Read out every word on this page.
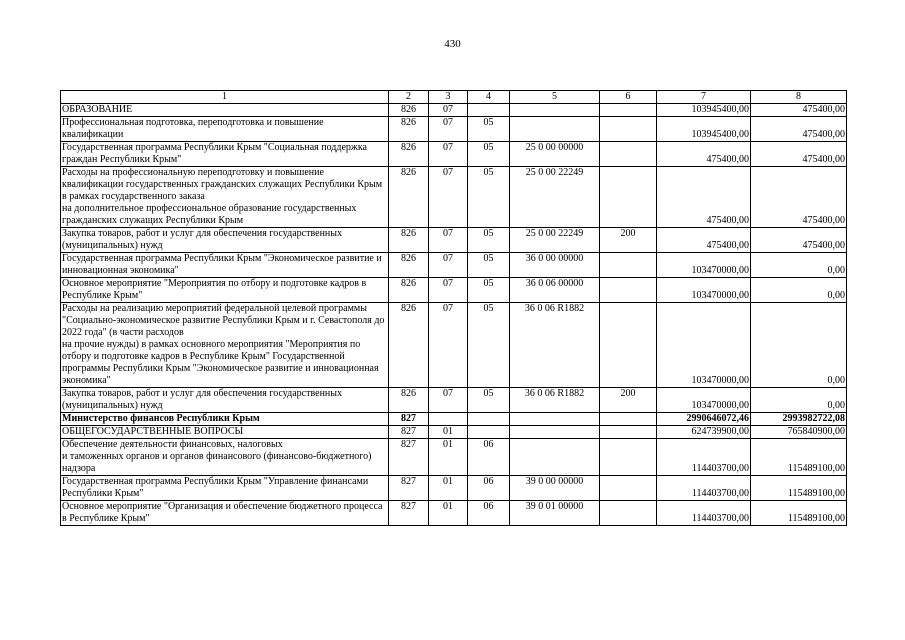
430
1	2	3	4	5	6	7	8
ОБРАЗОВАНИЕ	826	07				103945400,00	475400,00
Профессиональная подготовка, переподготовка и повышение квалификации	826	07	05			103945400,00	475400,00
Государственная программа Республики Крым "Социальная поддержка граждан Республики Крым"	826	07	05	25 0 00 00000		475400,00	475400,00
Расходы на профессиональную переподготовку и повышение квалификации государственных гражданских служащих Республики Крым в рамках государственного заказа
на дополнительное профессиональное образование государственных гражданских служащих Республики Крым	826	07	05	25 0 00 22249		475400,00	475400,00
Закупка товаров, работ и услуг для обеспечения государственных (муниципальных) нужд	826	07	05	25 0 00 22249	200	475400,00	475400,00
Государственная программа Республики Крым "Экономическое развитие и инновационная экономика"	826	07	05	36 0 00 00000		103470000,00	0,00
Основное мероприятие "Мероприятия по отбору и подготовке кадров в Республике Крым"	826	07	05	36 0 06 00000		103470000,00	0,00
Расходы на реализацию мероприятий федеральной целевой программы "Социально-экономическое развитие Республики Крым и г. Севастополя до 2022 года" (в части расходов
на прочие нужды) в рамках основного мероприятия "Мероприятия по отбору и подготовке кадров в Республике Крым" Государственной программы Республики Крым "Экономическое развитие и инновационная экономика"	826	07	05	36 0 06 R1882		103470000,00	0,00
Закупка товаров, работ и услуг для обеспечения государственных (муниципальных) нужд	826	07	05	36 0 06 R1882	200	103470000,00	0,00
Министерство финансов Республики Крым	827					2990646072,46	2993982722,08
ОБЩЕГОСУДАРСТВЕННЫЕ ВОПРОСЫ	827	01				624739900,00	765840900,00
Обеспечение деятельности финансовых, налоговых
и таможенных органов и органов финансового (финансово-бюджетного) надзора	827	01	06			114403700,00	115489100,00
Государственная программа Республики Крым "Управление финансами Республики Крым"	827	01	06	39 0 00 00000		114403700,00	115489100,00
Основное мероприятие "Организация и обеспечение бюджетного процесса в Республике Крым"	827	01	06	39 0 01 00000		114403700,00	115489100,00
